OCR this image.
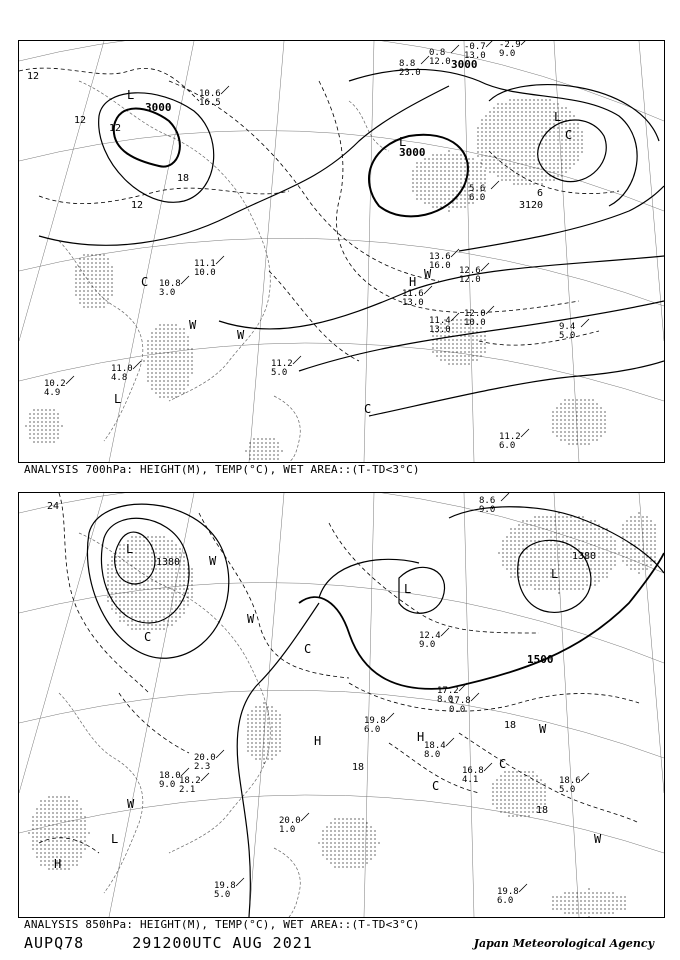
11.2
6.0
9.4
5.0
12.0
10.0
11.4
13.0
11.6
13.0
13.6
16.0 12.6
12.0
8.8
23.0
-0.7
13.0
-2.9
9.0
0.8
12.0
5.6
6.0
10.6
16.5
11.1
10.0
10.8
3.0
11.0
4.8
10.2
4.9
11.2
5.0
3000
3000
3000
3120
12
12
12
18
12
6
L
L
L
L
H
C
C
C
W
W
W
ANALYSIS 700hPa: HEIGHT(M), TEMP(°C), WET AREA::(T-TD<3°C)
19.8
6.0
18.6
5.0
16.8
4.1
17.2
8.0
17.8
0.0
18.4
8.0
20.0
2.3
19.8
5.0
20.0
1.0
18.2
2.1
8.6
9.0
12.4
9.0
18.0
9.0
19.8
6.0
1380
1380
1500
24
18
18
18
L
L
L
L
H
H
H
C
C
C
C
W
W
W
W
W
ANALYSIS 850hPa: HEIGHT(M), TEMP(°C), WET AREA::(T-TD<3°C)
AUPQ78	291200UTC AUG 2021	Japan Meteorological Agency
